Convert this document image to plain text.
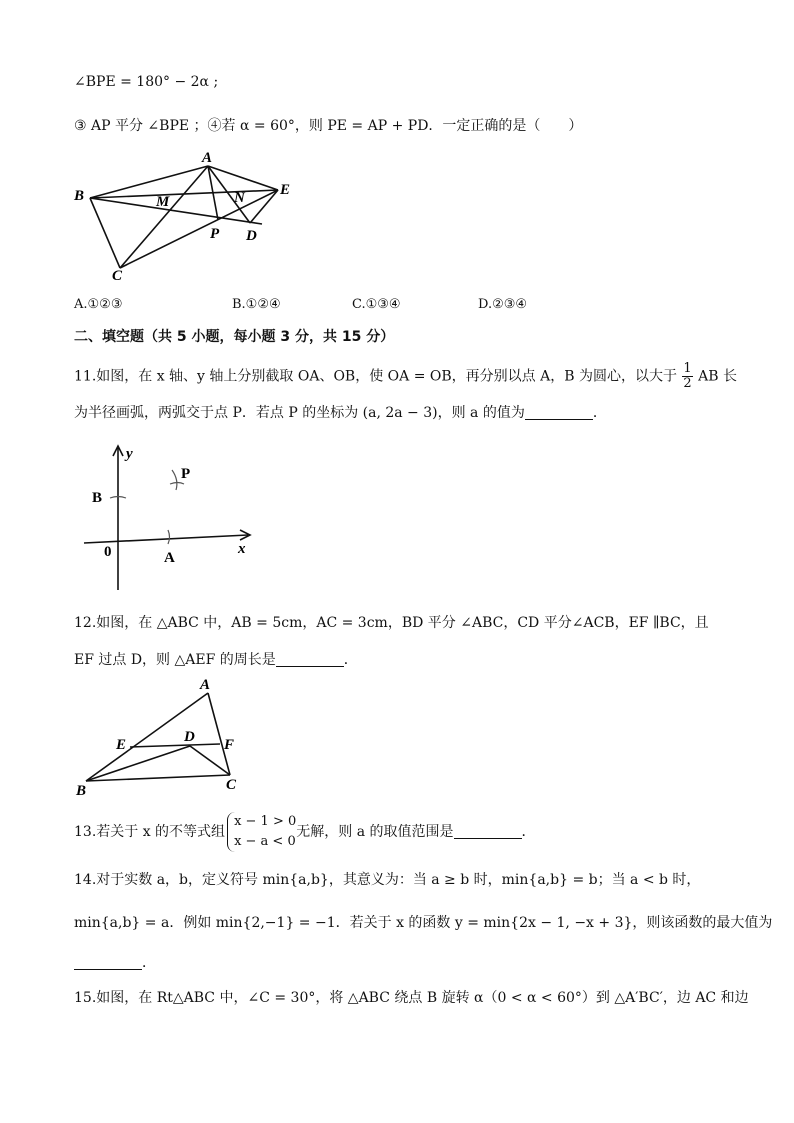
∠BPE = 180° − 2α ;
③ AP 平分 ∠BPE ；④若 α = 60°，则 PE = AP + PD．一定正确的是（　　）
A
B	M	N E
P D
C
A.①②③	B.①②④	C.①③④	D.②③④
二、填空题（共 5 小题，每小题 3 分，共 15 分）
11.如图，在 x 轴、y 轴上分别截取 OA、OB，使 OA = OB，再分别以点 A，B 为圆心，以大于 $\frac{1}{2}$ AB 长
为半径画弧，两弧交于点 P．若点 P 的坐标为 (a, 2a − 3)，则 a 的值为	．
y
B
P
0	A
x
12.如图，在 △ABC 中，AB = 5cm，AC = 3cm，BD 平分 ∠ABC，CD 平分∠ACB，EF ∥BC，且
EF 过点 D，则 △AEF 的周长是	．
A
E	D F
B	C
13.若关于 x 的不等式组
x − 1 > 0
x − a < 0
无解，则 a 的取值范围是	．
14.对于实数 a，b，定义符号 min{a,b}，其意义为：当 a ≥ b 时，min{a,b} = b；当 a < b 时，
min{a,b} = a．例如 min{2,−1} = −1．若关于 x 的函数 y = min{2x − 1, −x + 3}，则该函数的最大值为
．
15.如图，在 Rt△ABC 中，∠C = 30°，将 △ABC 绕点 B 旋转 α（0 < α < 60°）到 △A′BC′，边 AC 和边
